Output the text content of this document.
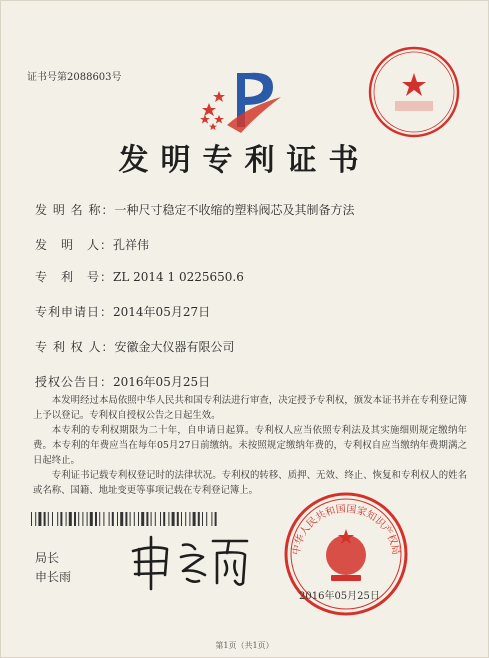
证书号第2088603号
发明专利证书
发 明 名 称：一种尺寸稳定不收缩的塑料阀芯及其制备方法
发　明　人：孔祥伟
专　利　号：ZL 2014 1 0225650.6
专利申请日：2014年05月27日
专 利 权 人：安徽金大仪器有限公司
授权公告日：2016年05月25日

本发明经过本局依照中华人民共和国专利法进行审查，决定授予专利权，颁发本证书并在专利登记簿上予以登记。专利权自授权公告之日起生效。

本专利的专利权期限为二十年，自申请日起算。专利权人应当依照专利法及其实施细则规定缴纳年费。本专利的年费应当在每年05月27日前缴纳。未按照规定缴纳年费的，专利权自应当缴纳年费期满之日起终止。

专利证书记载专利权登记时的法律状况。专利权的转移、质押、无效、终止、恢复和专利权人的姓名或名称、国籍、地址变更等事项记载在专利登记簿上。

局长
申长雨
中华人民共和国国家知识产权局
2016年05月25日
第1页（共1页）
